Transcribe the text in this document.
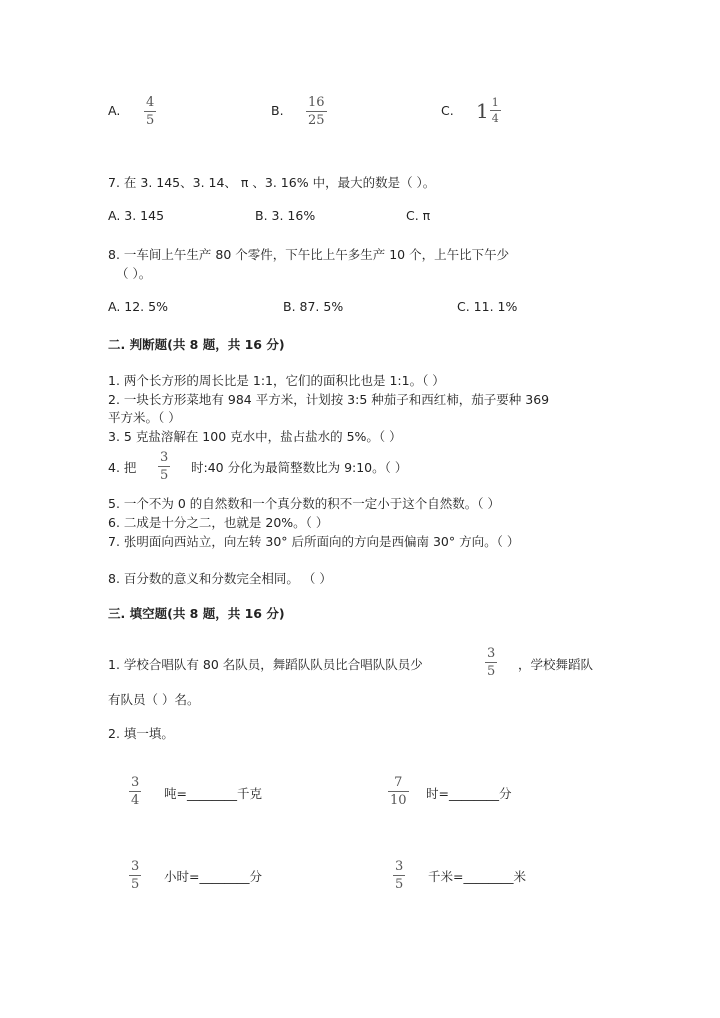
A.
4
5
B.
16
25
C. $1 \frac{1}{4}$
7. 在 3. 145、3. 14、 π 、3. 16% 中，最大的数是（ ）。
A. 3. 145	B. 3. 16%	C. π
8. 一车间上午生产 80 个零件，下午比上午多生产 10 个，上午比下午少
（ ）。
A. 12. 5%	B. 87. 5%	C. 11. 1%
二. 判断题(共 8 题，共 16 分)
1. 两个长方形的周长比是 1:1，它们的面积比也是 1:1。（ ）
2. 一块长方形菜地有 984 平方米，计划按 3:5 种茄子和西红柿，茄子要种 369
平方米。（ ）
3. 5 克盐溶解在 100 克水中，盐占盐水的 5%。（ ）
4. 把
3
5
时:40 分化为最简整数比为 9:10。（ ）
5. 一个不为 0 的自然数和一个真分数的积不一定小于这个自然数。（ ）
6. 二成是十分之二，也就是 20%。（ ）
7. 张明面向西站立，向左转 30° 后所面向的方向是西偏南 30° 方向。（ ）
8. 百分数的意义和分数完全相同。 （ ）
三. 填空题(共 8 题，共 16 分)
1. 学校合唱队有 80 名队员，舞蹈队队员比合唱队队员少
3
5 ，学校舞蹈队
有队员（ ）名。
2. 填一填。
3
4 吨=________千克
7
10 时=________分
3
5
小时=________分
3
5
千米=________米
